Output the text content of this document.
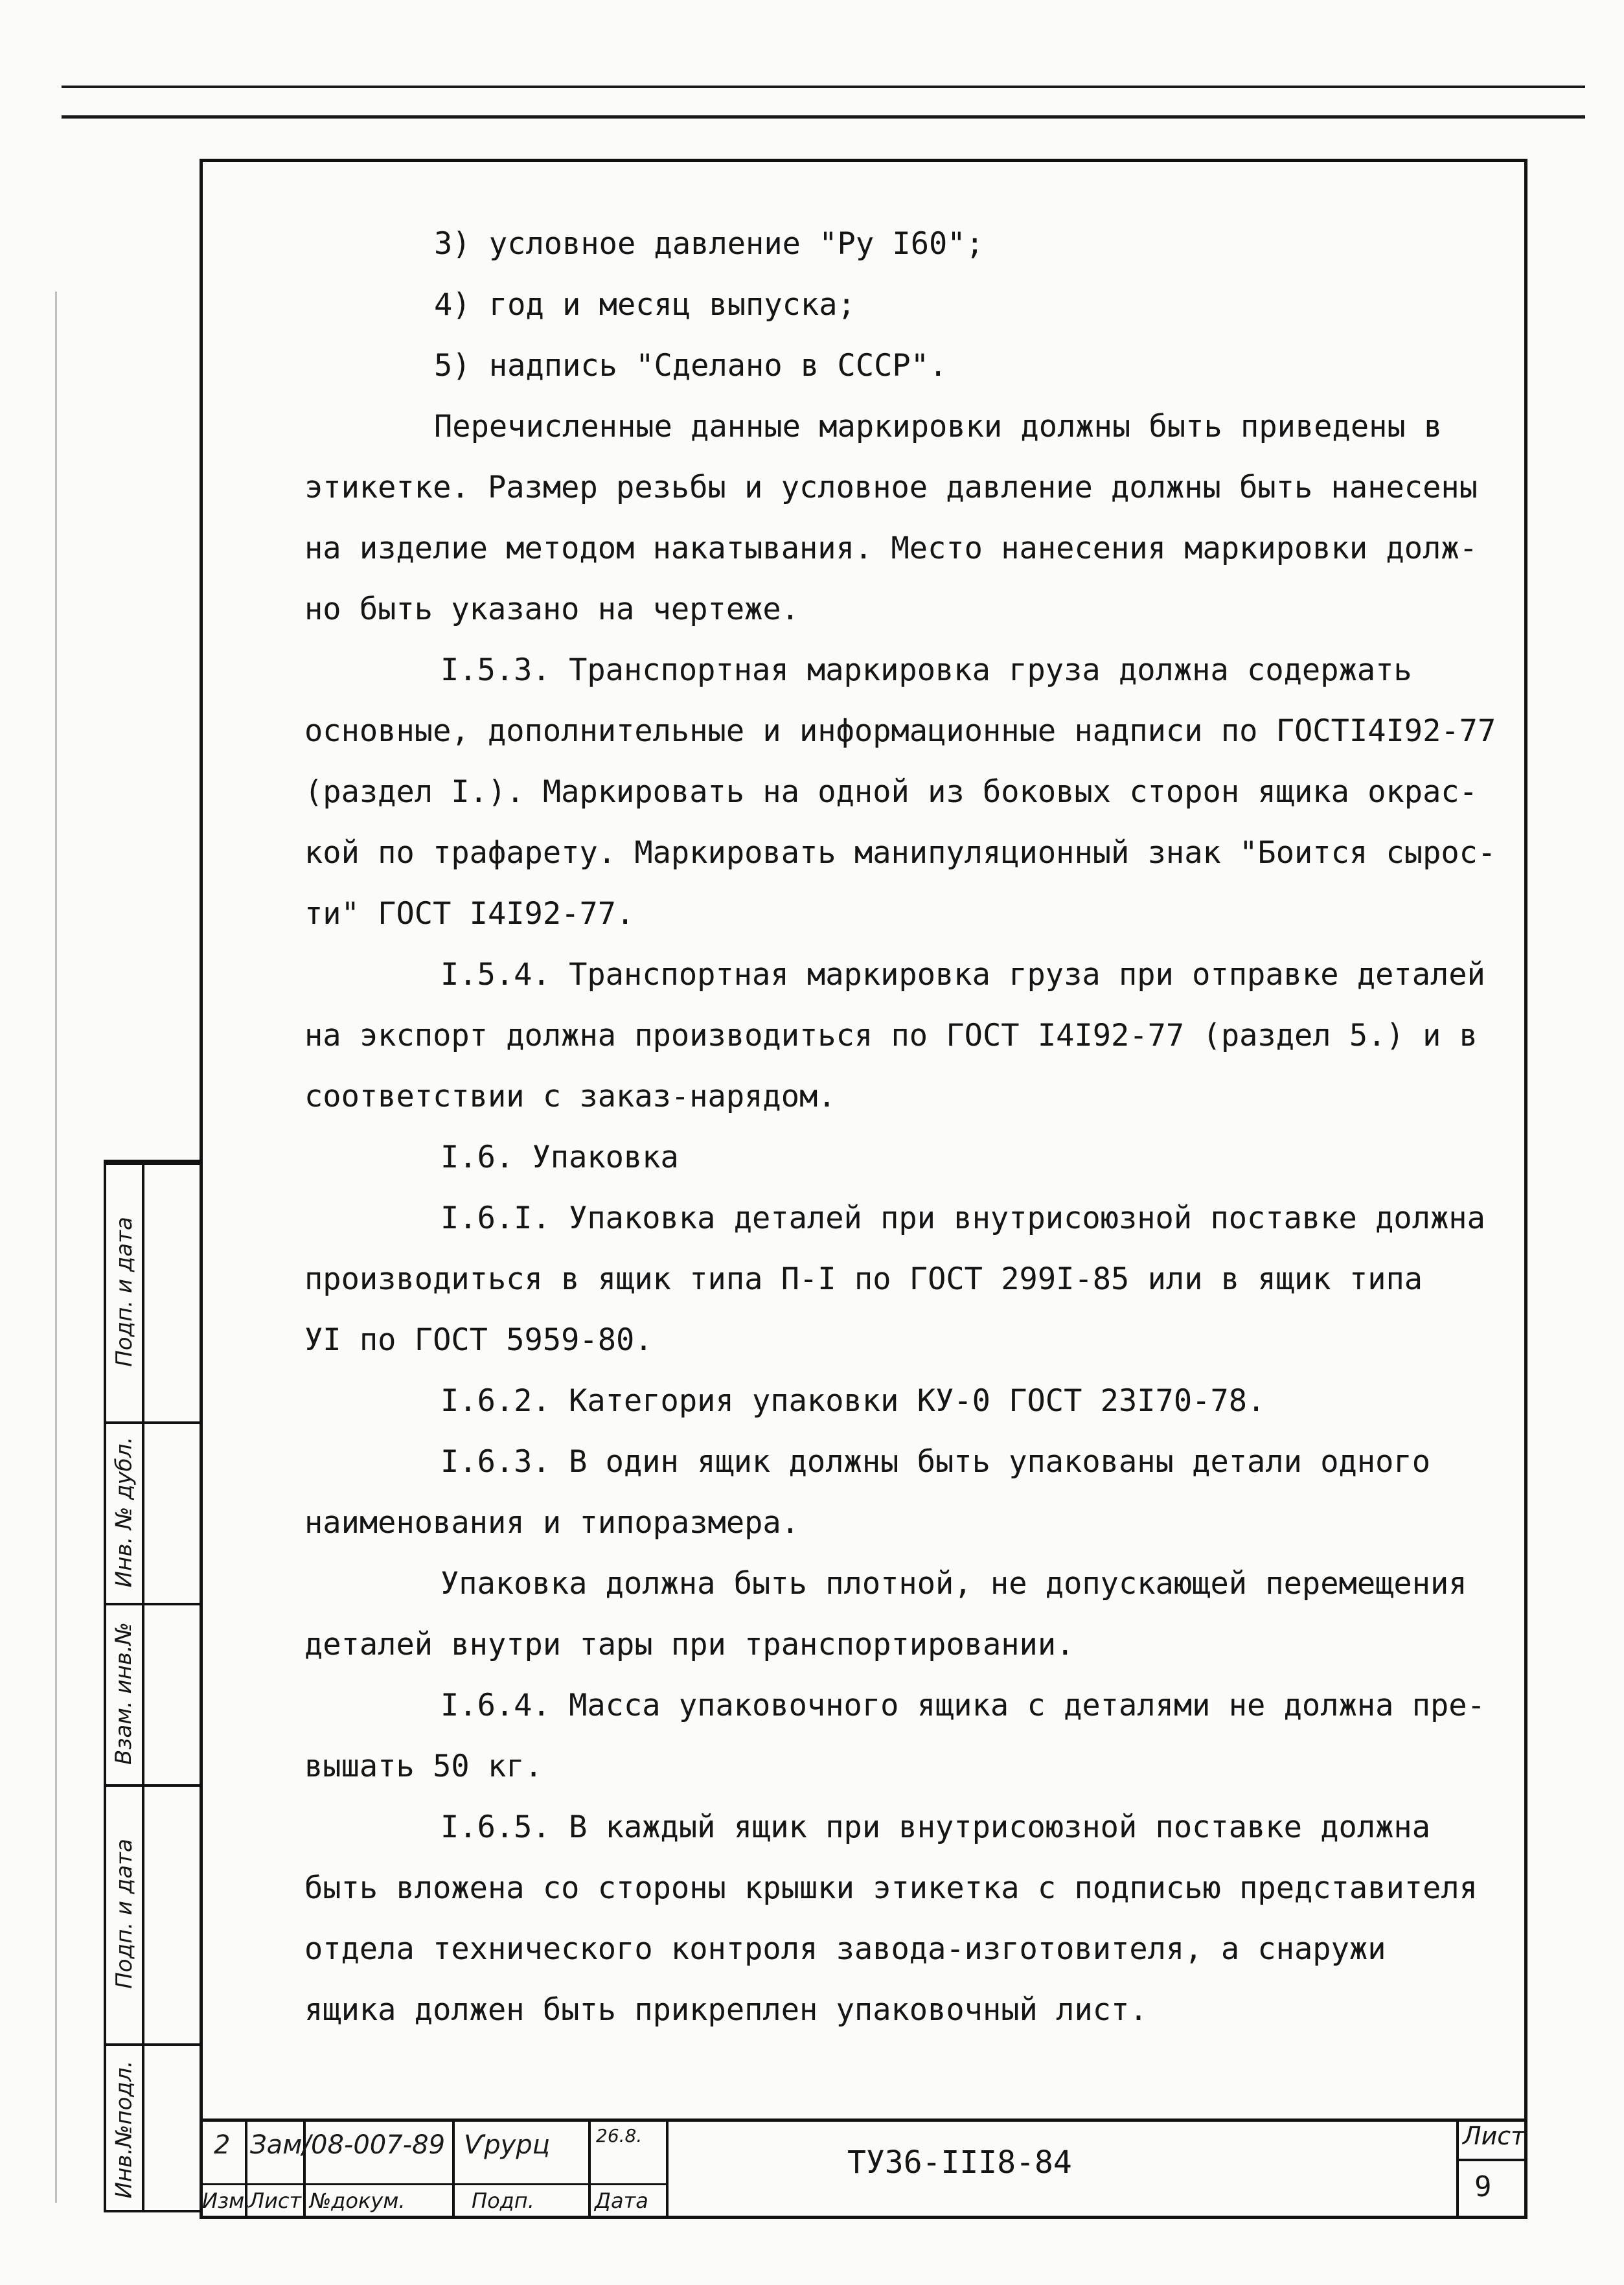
3) условное давление "Ру I60";

4) год и месяц выпуска;

5) надпись "Сделано в СССР".

Перечисленные данные маркировки должны быть приведены в

этикетке. Размер резьбы и условное давление должны быть нанесены

на изделие методом накатывания. Место нанесения маркировки долж-

но быть указано на чертеже.

I.5.3. Транспортная маркировка груза должна содержать

основные, дополнительные и информационные надписи по ГОСТI4I92-77

(раздел I.). Маркировать на одной из боковых сторон ящика окрас-

кой по трафарету. Маркировать манипуляционный знак "Боится сырос-

ти" ГОСТ I4I92-77.

I.5.4. Транспортная маркировка груза при отправке деталей

на экспорт должна производиться по ГОСТ I4I92-77 (раздел 5.) и в

соответствии с заказ-нарядом.

I.6. Упаковка

I.6.I. Упаковка деталей при внутрисоюзной поставке должна

производиться в ящик типа П-I по ГОСТ 299I-85 или в ящик типа

УI по ГОСТ 5959-80.

I.6.2. Категория упаковки КУ-0 ГОСТ 23I70-78.

I.6.3. В один ящик должны быть упакованы детали одного

наименования и типоразмера.

Упаковка должна быть плотной, не допускающей перемещения

деталей внутри тары при транспортировании.

I.6.4. Масса упаковочного ящика с деталями не должна пре-

вышать 50 кг.

I.6.5. В каждый ящик при внутрисоюзной поставке должна

быть вложена со стороны крышки этикетка с подписью представителя

отдела технического контроля завода-изготовителя, а снаружи

ящика должен быть прикреплен упаковочный лист.

Подп. и дата
Инв. № дубл.
Взам. инв.№
Подп. и дата
Инв.№подл.	2 Зам/ 08-007-89 Ѵрурц	26.8.
Изм.
Лист №докум.	Подп.	Дата
ТУ36-III8-84
Лист
9
